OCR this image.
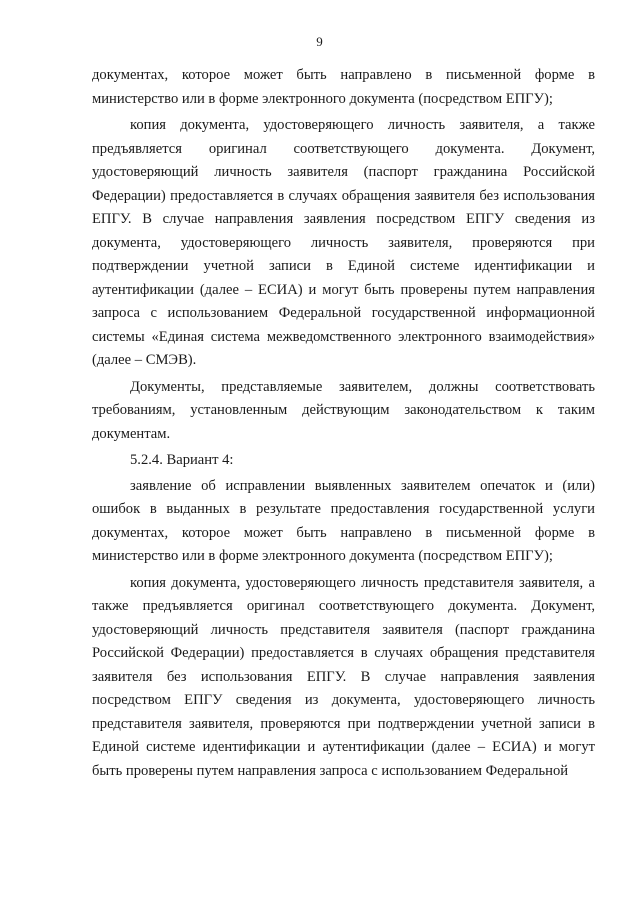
9

документах, которое может быть направлено в письменной форме в министерство или в форме электронного документа (посредством ЕПГУ);

копия документа, удостоверяющего личность заявителя, а также предъявляется оригинал соответствующего документа. Документ, удостоверяющий личность заявителя (паспорт гражданина Российской Федерации) предоставляется в случаях обращения заявителя без использования ЕПГУ. В случае направления заявления посредством ЕПГУ сведения из документа, удостоверяющего личность заявителя, проверяются при подтверждении учетной записи в Единой системе идентификации и аутентификации (далее – ЕСИА) и могут быть проверены путем направления запроса с использованием Федеральной государственной информационной системы «Единая система межведомственного электронного взаимодействия» (далее – СМЭВ).

Документы, представляемые заявителем, должны соответствовать требованиям, установленным действующим законодательством к таким документам.

5.2.4. Вариант 4:

заявление об исправлении выявленных заявителем опечаток и (или) ошибок в выданных в результате предоставления государственной услуги документах, которое может быть направлено в письменной форме в министерство или в форме электронного документа (посредством ЕПГУ);

копия документа, удостоверяющего личность представителя заявителя, а также предъявляется оригинал соответствующего документа. Документ, удостоверяющий личность представителя заявителя (паспорт гражданина Российской Федерации) предоставляется в случаях обращения представителя заявителя без использования ЕПГУ. В случае направления заявления посредством ЕПГУ сведения из документа, удостоверяющего личность представителя заявителя, проверяются при подтверждении учетной записи в Единой системе идентификации и аутентификации (далее – ЕСИА) и могут быть проверены путем направления запроса с использованием Федеральной
